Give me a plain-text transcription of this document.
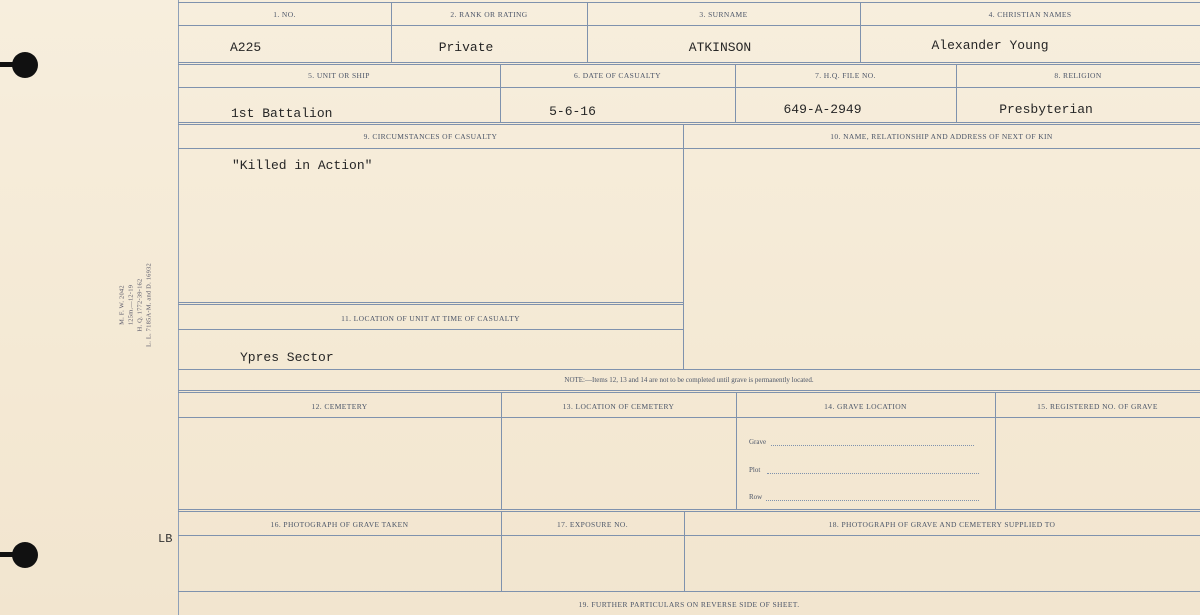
M. F. W. 2042 125m.—12-19 H. Q. 1772-39-162 L. L. 7185A-M. and D. 16932
LB
1. NO.	2. RANK OR RATING	3. SURNAME	4. CHRISTIAN NAMES
A225	Private	ATKINSON	Alexander Young
5. UNIT OR SHIP	6. DATE OF CASUALTY	7. H.Q. FILE NO.	8. RELIGION
1st Battalion	5-6-16	649-A-2949	Presbyterian
9. CIRCUMSTANCES OF CASUALTY	10. NAME, RELATIONSHIP AND ADDRESS OF NEXT OF KIN
"Killed in Action"
11. LOCATION OF UNIT AT TIME OF CASUALTY
Ypres Sector
NOTE:—Items 12, 13 and 14 are not to be completed until grave is permanently located.
12. CEMETERY	13. LOCATION OF CEMETERY	14. GRAVE LOCATION	15. REGISTERED NO. OF GRAVE
Grave
Plot
Row
16. PHOTOGRAPH OF GRAVE TAKEN	17. EXPOSURE NO.	18. PHOTOGRAPH OF GRAVE AND CEMETERY SUPPLIED TO
19. FURTHER PARTICULARS ON REVERSE SIDE OF SHEET.
